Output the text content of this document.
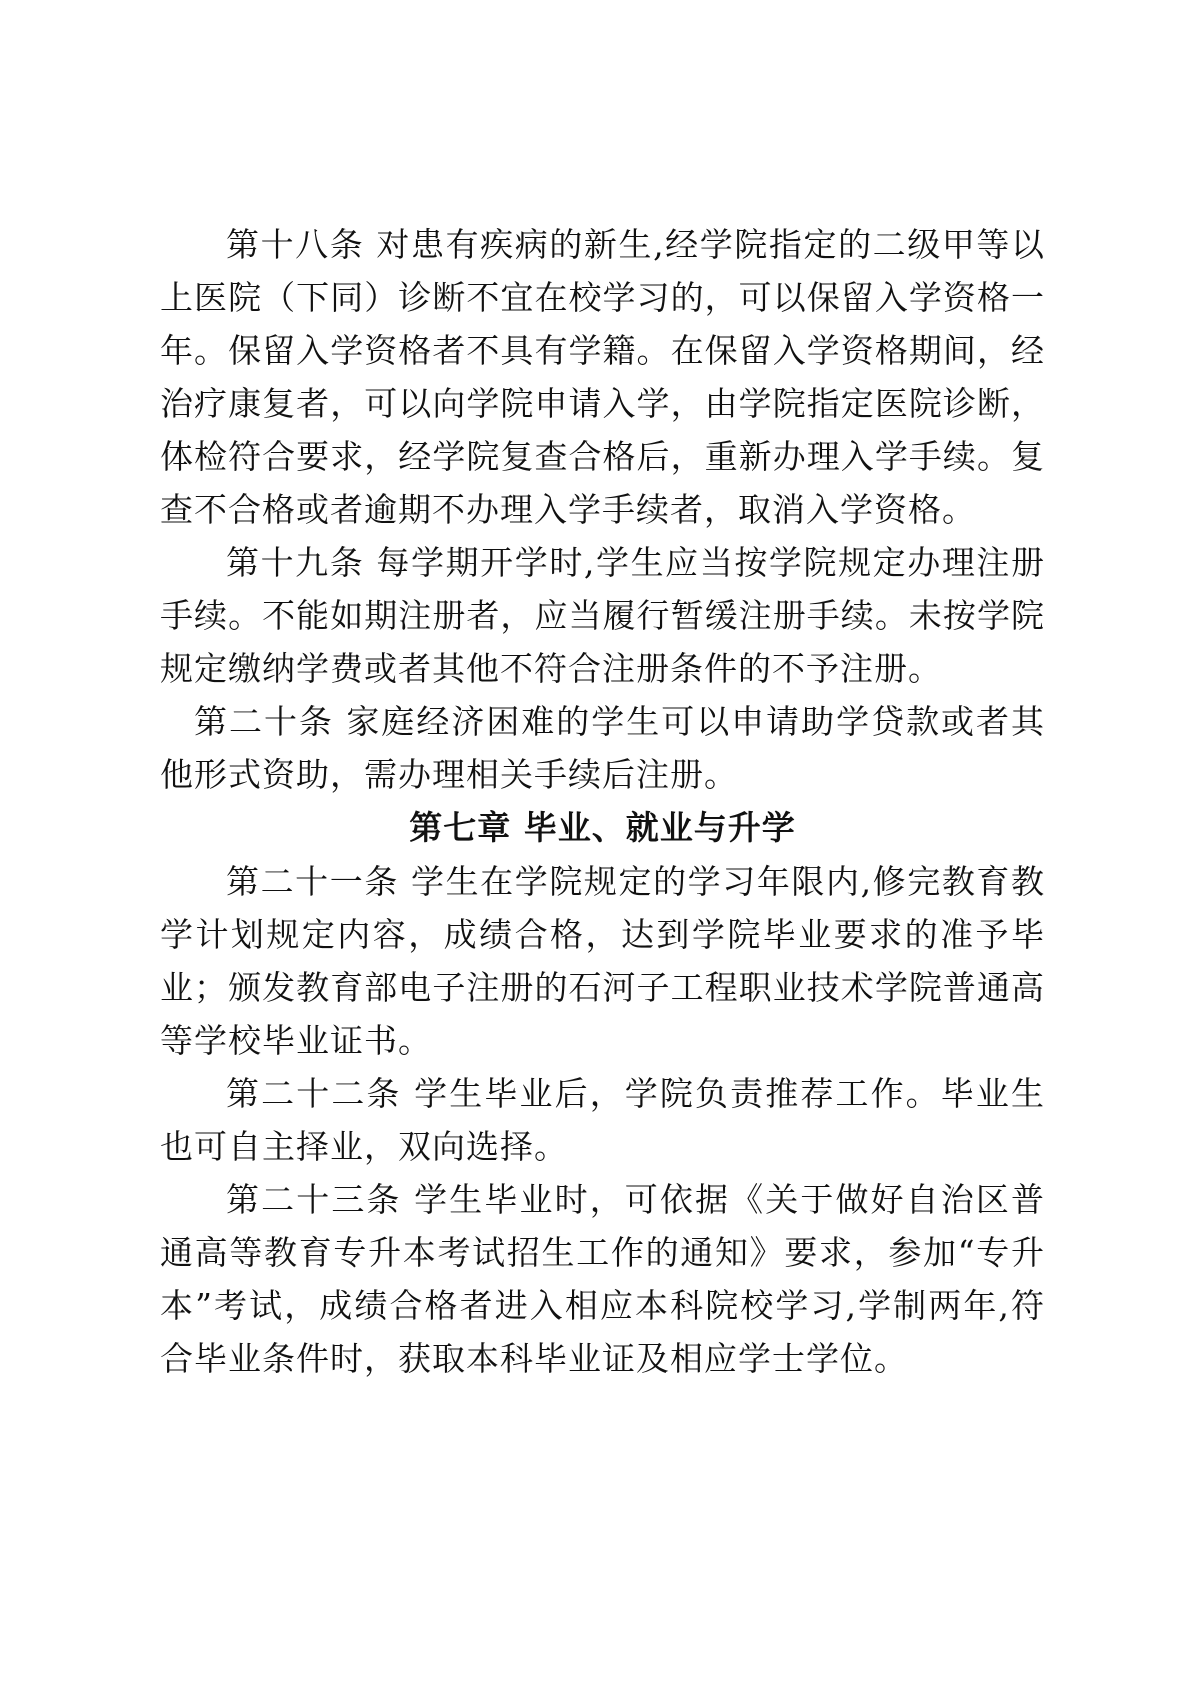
第十八条 对患有疾病的新生,经学院指定的二级甲等以上医院（下同）诊断不宜在校学习的，可以保留入学资格一年。保留入学资格者不具有学籍。在保留入学资格期间，经治疗康复者，可以向学院申请入学，由学院指定医院诊断，体检符合要求，经学院复查合格后，重新办理入学手续。复查不合格或者逾期不办理入学手续者，取消入学资格。

第十九条 每学期开学时,学生应当按学院规定办理注册手续。不能如期注册者，应当履行暂缓注册手续。未按学院规定缴纳学费或者其他不符合注册条件的不予注册。

第二十条 家庭经济困难的学生可以申请助学贷款或者其他形式资助，需办理相关手续后注册。

第七章 毕业、就业与升学

第二十一条 学生在学院规定的学习年限内,修完教育教学计划规定内容，成绩合格，达到学院毕业要求的准予毕业；颁发教育部电子注册的石河子工程职业技术学院普通高等学校毕业证书。

第二十二条 学生毕业后，学院负责推荐工作。毕业生也可自主择业，双向选择。

第二十三条 学生毕业时，可依据《关于做好自治区普通高等教育专升本考试招生工作的通知》要求，参加“专升本”考试，成绩合格者进入相应本科院校学习,学制两年,符合毕业条件时，获取本科毕业证及相应学士学位。
